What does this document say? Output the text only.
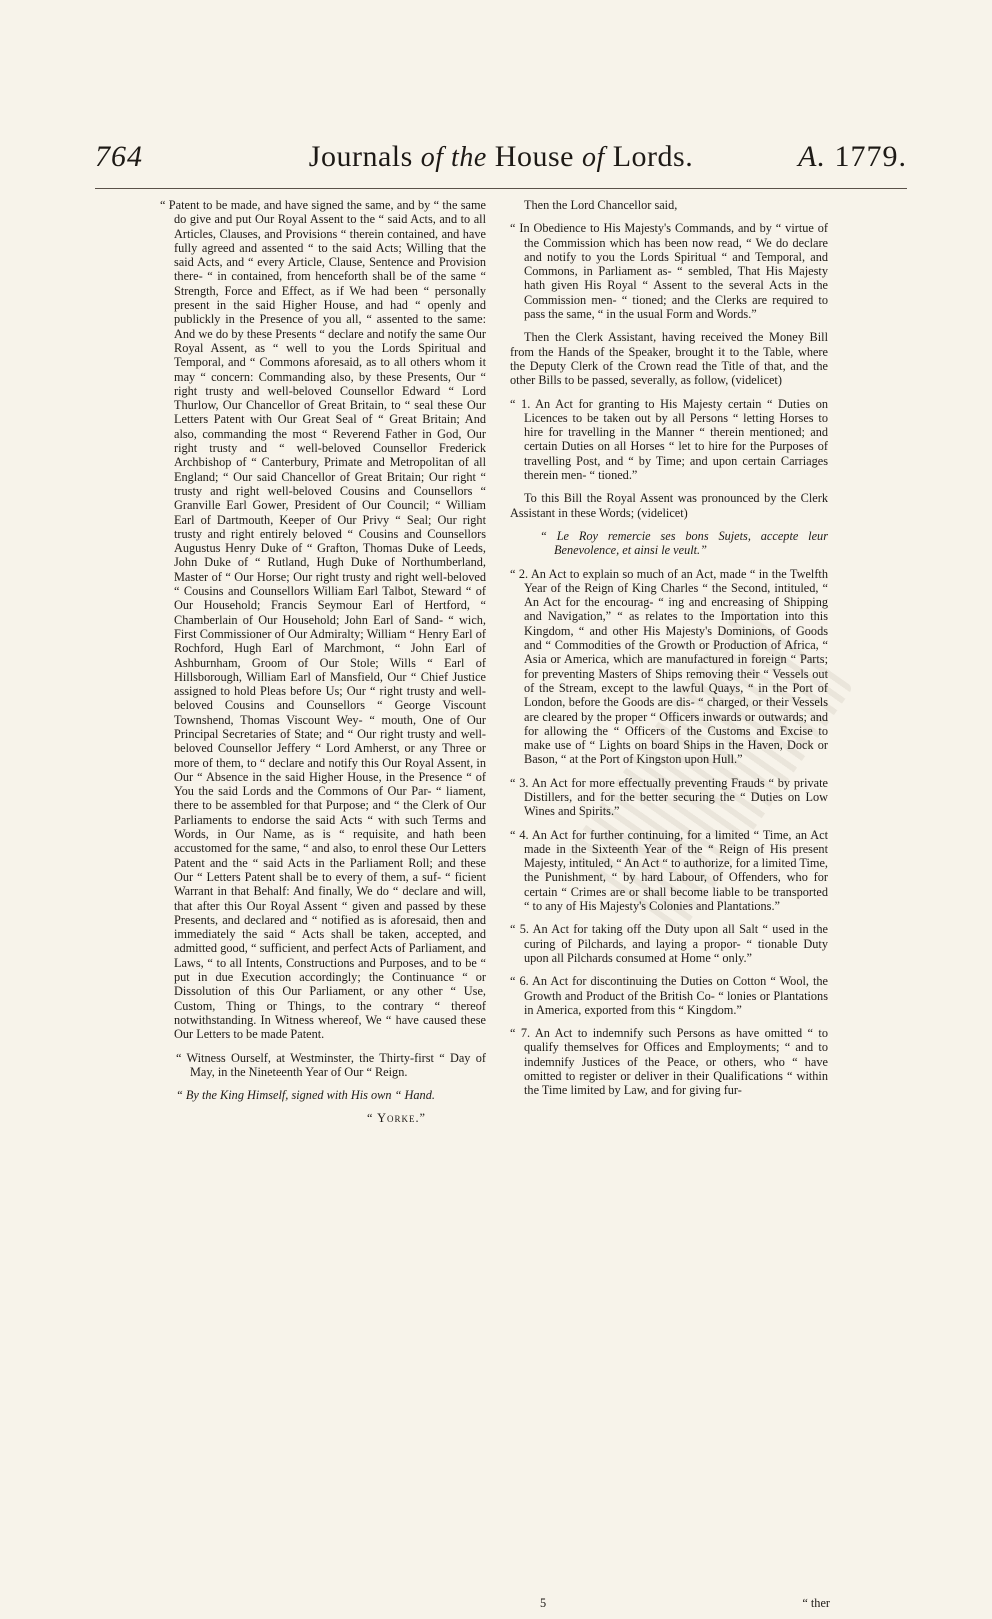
764	Journals of the House of Lords.	A. 1779.

“ Patent to be made, and have signed the same, and by “ the same do give and put Our Royal Assent to the “ said Acts, and to all Articles, Clauses, and Provisions “ therein contained, and have fully agreed and assented “ to the said Acts; Willing that the said Acts, and “ every Article, Clause, Sentence and Provision there- “ in contained, from henceforth shall be of the same “ Strength, Force and Effect, as if We had been “ personally present in the said Higher House, and had “ openly and publickly in the Presence of you all, “ assented to the same: And we do by these Presents “ declare and notify the same Our Royal Assent, as “ well to you the Lords Spiritual and Temporal, and “ Commons aforesaid, as to all others whom it may “ concern: Commanding also, by these Presents, Our “ right trusty and well-beloved Counsellor Edward “ Lord Thurlow, Our Chancellor of Great Britain, to “ seal these Our Letters Patent with Our Great Seal of “ Great Britain; And also, commanding the most “ Reverend Father in God, Our right trusty and “ well-beloved Counsellor Frederick Archbishop of “ Canterbury, Primate and Metropolitan of all England; “ Our said Chancellor of Great Britain; Our right “ trusty and right well-beloved Cousins and Counsellors “ Granville Earl Gower, President of Our Council; “ William Earl of Dartmouth, Keeper of Our Privy “ Seal; Our right trusty and right entirely beloved “ Cousins and Counsellors Augustus Henry Duke of “ Grafton, Thomas Duke of Leeds, John Duke of “ Rutland, Hugh Duke of Northumberland, Master of “ Our Horse; Our right trusty and right well-beloved “ Cousins and Counsellors William Earl Talbot, Steward “ of Our Household; Francis Seymour Earl of Hertford, “ Chamberlain of Our Household; John Earl of Sand- “ wich, First Commissioner of Our Admiralty; William “ Henry Earl of Rochford, Hugh Earl of Marchmont, “ John Earl of Ashburnham, Groom of Our Stole; Wills “ Earl of Hillsborough, William Earl of Mansfield, Our “ Chief Justice assigned to hold Pleas before Us; Our “ right trusty and well-beloved Cousins and Counsellors “ George Viscount Townshend, Thomas Viscount Wey- “ mouth, One of Our Principal Secretaries of State; and “ Our right trusty and well-beloved Counsellor Jeffery “ Lord Amherst, or any Three or more of them, to “ declare and notify this Our Royal Assent, in Our “ Absence in the said Higher House, in the Presence “ of You the said Lords and the Commons of Our Par- “ liament, there to be assembled for that Purpose; and “ the Clerk of Our Parliaments to endorse the said Acts “ with such Terms and Words, in Our Name, as is “ requisite, and hath been accustomed for the same, “ and also, to enrol these Our Letters Patent and the “ said Acts in the Parliament Roll; and these Our “ Letters Patent shall be to every of them, a suf- “ ficient Warrant in that Behalf: And finally, We do “ declare and will, that after this Our Royal Assent “ given and passed by these Presents, and declared and “ notified as is aforesaid, then and immediately the said “ Acts shall be taken, accepted, and admitted good, “ sufficient, and perfect Acts of Parliament, and Laws, “ to all Intents, Constructions and Purposes, and to be “ put in due Execution accordingly; the Continuance “ or Dissolution of this Our Parliament, or any other “ Use, Custom, Thing or Things, to the contrary “ thereof notwithstanding. In Witness whereof, We “ have caused these Our Letters to be made Patent.

“ Witness Ourself, at Westminster, the Thirty-first “ Day of May, in the Nineteenth Year of Our “ Reign.

“ By the King Himself, signed with His own “ Hand.

“ Yorke.”

Then the Lord Chancellor said,

“ In Obedience to His Majesty's Commands, and by “ virtue of the Commission which has been now read, “ We do declare and notify to you the Lords Spiritual “ and Temporal, and Commons, in Parliament as- “ sembled, That His Majesty hath given His Royal “ Assent to the several Acts in the Commission men- “ tioned; and the Clerks are required to pass the same, “ in the usual Form and Words.”

Then the Clerk Assistant, having received the Money Bill from the Hands of the Speaker, brought it to the Table, where the Deputy Clerk of the Crown read the Title of that, and the other Bills to be passed, severally, as follow, (videlicet)

“ 1. An Act for granting to His Majesty certain “ Duties on Licences to be taken out by all Persons “ letting Horses to hire for travelling in the Manner “ therein mentioned; and certain Duties on all Horses “ let to hire for the Purposes of travelling Post, and “ by Time; and upon certain Carriages therein men- “ tioned.”

To this Bill the Royal Assent was pronounced by the Clerk Assistant in these Words; (videlicet)

“ Le Roy remercie ses bons Sujets, accepte leur Benevolence, et ainsi le veult.”

“ 2. An Act to explain so much of an Act, made “ in the Twelfth Year of the Reign of King Charles “ the Second, intituled, “ An Act for the encourag- “ ing and encreasing of Shipping and Navigation,” “ as relates to the Importation into this Kingdom, “ and other His Majesty's Dominions, of Goods and “ Commodities of the Growth or Production of Africa, “ Asia or America, which are manufactured in foreign “ Parts; for preventing Masters of Ships removing their “ Vessels out of the Stream, except to the lawful Quays, “ in the Port of London, before the Goods are dis- “ charged, or their Vessels are cleared by the proper “ Officers inwards or outwards; and for allowing the “ Officers of the Customs and Excise to make use of “ Lights on board Ships in the Haven, Dock or Bason, “ at the Port of Kingston upon Hull.”

“ 3. An Act for more effectually preventing Frauds “ by private Distillers, and for the better securing the “ Duties on Low Wines and Spirits.”

“ 4. An Act for further continuing, for a limited “ Time, an Act made in the Sixteenth Year of the “ Reign of His present Majesty, intituled, “ An Act “ to authorize, for a limited Time, the Punishment, “ by hard Labour, of Offenders, who for certain “ Crimes are or shall become liable to be transported “ to any of His Majesty's Colonies and Plantations.”

“ 5. An Act for taking off the Duty upon all Salt “ used in the curing of Pilchards, and laying a propor- “ tionable Duty upon all Pilchards consumed at Home “ only.”

“ 6. An Act for discontinuing the Duties on Cotton “ Wool, the Growth and Product of the British Co- “ lonies or Plantations in America, exported from this “ Kingdom.”

“ 7. An Act to indemnify such Persons as have omitted “ to qualify themselves for Offices and Employments; “ and to indemnify Justices of the Peace, or others, who “ have omitted to register or deliver in their Qualifications “ within the Time limited by Law, and for giving fur-

5	“ ther
